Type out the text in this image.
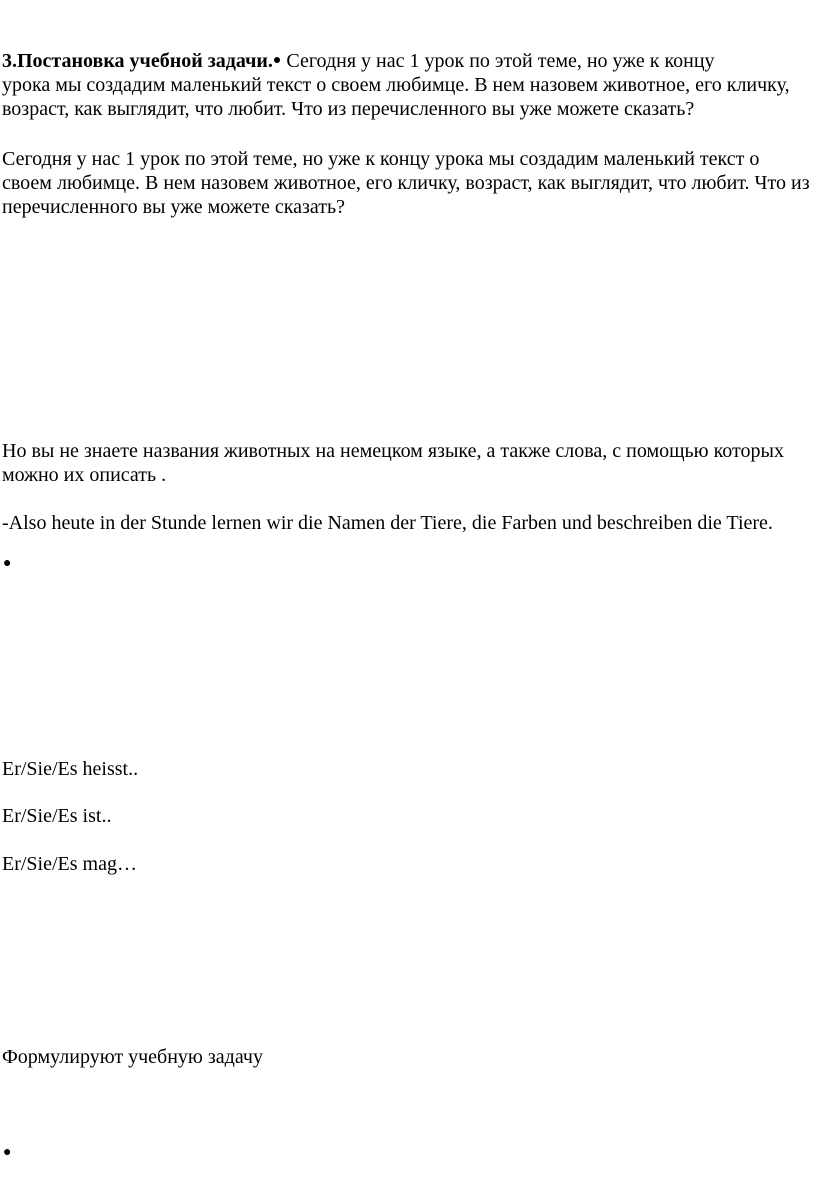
3.Постановка учебной задачи.● Сегодня у нас 1 урок по этой теме, но уже к концу
урока мы создадим маленький текст о своем любимце. В нем назовем животное, его кличку, возраст, как выглядит, что любит. Что из перечисленного вы уже можете сказать?
Сегодня у нас 1 урок по этой теме, но уже к концу урока мы создадим маленький текст о своем любимце. В нем назовем животное, его кличку, возраст, как выглядит, что любит. Что из перечисленного вы уже можете сказать?
Но вы не знаете названия животных на немецком языке, а также слова, с помощью которых можно их описать .
-Also heute in der Stunde lernen wir die Namen der Tiere, die Farben und beschreiben die Tiere.
●
Er/Sie/Es heisst..
Er/Sie/Es ist..
Er/Sie/Es mag…
Формулируют учебную задачу
●
